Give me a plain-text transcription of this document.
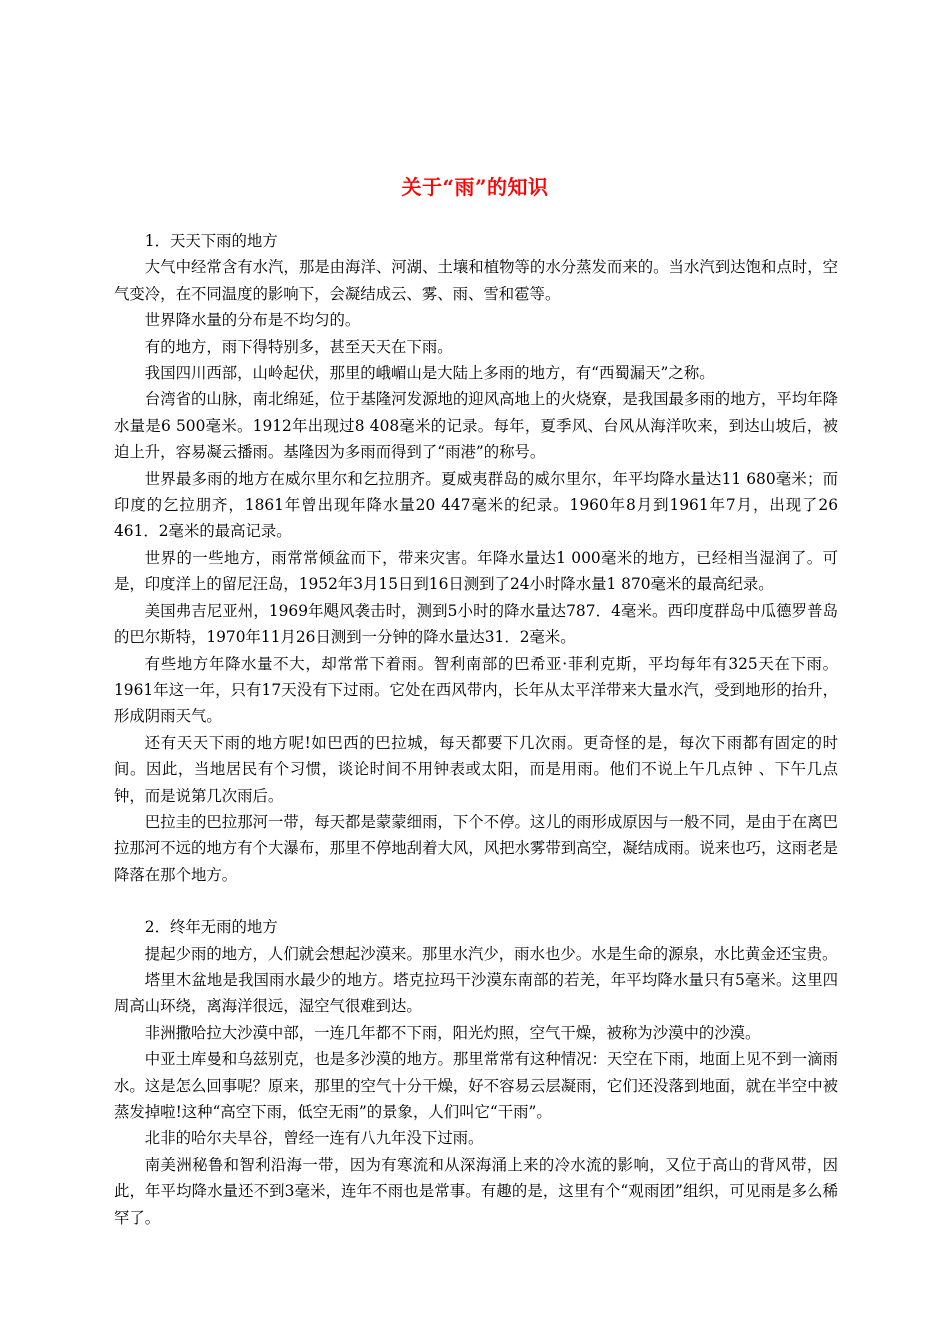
关于“雨”的知识

1．天天下雨的地方

大气中经常含有水汽，那是由海洋、河湖、土壤和植物等的水分蒸发而来的。当水汽到达饱和点时，空气变冷，在不同温度的影响下，会凝结成云、雾、雨、雪和雹等。

世界降水量的分布是不均匀的。

有的地方，雨下得特别多，甚至天天在下雨。

我国四川西部，山岭起伏，那里的峨嵋山是大陆上多雨的地方，有“西蜀漏天”之称。

台湾省的山脉，南北绵延，位于基隆河发源地的迎风高地上的火烧寮，是我国最多雨的地方，平均年降水量是6 500毫米。1912年出现过8 408毫米的记录。每年，夏季风、台风从海洋吹来，到达山坡后，被迫上升，容易凝云播雨。基隆因为多雨而得到了“雨港”的称号。

世界最多雨的地方在威尔里尔和乞拉朋齐。夏威夷群岛的威尔里尔，年平均降水量达11 680毫米；而印度的乞拉朋齐，1861年曾出现年降水量20 447毫米的纪录。1960年8月到1961年7月，出现了26 461．2毫米的最高记录。

世界的一些地方，雨常常倾盆而下，带来灾害。年降水量达1 000毫米的地方，已经相当湿润了。可是，印度洋上的留尼汪岛，1952年3月15日到16日测到了24小时降水量1 870毫米的最高纪录。

美国弗吉尼亚州，1969年飓风袭击时，测到5小时的降水量达787．4毫米。西印度群岛中瓜德罗普岛的巴尔斯特，1970年11月26日测到一分钟的降水量达31．2毫米。

有些地方年降水量不大，却常常下着雨。智利南部的巴希亚·菲利克斯，平均每年有325天在下雨。1961年这一年，只有17天没有下过雨。它处在西风带内，长年从太平洋带来大量水汽，受到地形的抬升，形成阴雨天气。

还有天天下雨的地方呢!如巴西的巴拉城，每天都要下几次雨。更奇怪的是，每次下雨都有固定的时间。因此，当地居民有个习惯，谈论时间不用钟表或太阳，而是用雨。他们不说上午几点钟 、下午几点钟，而是说第几次雨后。

巴拉圭的巴拉那河一带，每天都是蒙蒙细雨，下个不停。这儿的雨形成原因与一般不同，是由于在离巴拉那河不远的地方有个大瀑布，那里不停地刮着大风，风把水雾带到高空，凝结成雨。说来也巧，这雨老是降落在那个地方。

2．终年无雨的地方

提起少雨的地方，人们就会想起沙漠来。那里水汽少，雨水也少。水是生命的源泉，水比黄金还宝贵。

塔里木盆地是我国雨水最少的地方。塔克拉玛干沙漠东南部的若羌，年平均降水量只有5毫米。这里四周高山环绕，离海洋很远，湿空气很难到达。

非洲撒哈拉大沙漠中部，一连几年都不下雨，阳光灼照，空气干燥，被称为沙漠中的沙漠。

中亚土库曼和乌兹别克，也是多沙漠的地方。那里常常有这种情况：天空在下雨，地面上见不到一滴雨水。这是怎么回事呢？原来，那里的空气十分干燥，好不容易云层凝雨，它们还没落到地面，就在半空中被蒸发掉啦!这种“高空下雨，低空无雨”的景象，人们叫它“干雨”。

北非的哈尔夫旱谷，曾经一连有八九年没下过雨。

南美洲秘鲁和智利沿海一带，因为有寒流和从深海涌上来的冷水流的影响，又位于高山的背风带，因此，年平均降水量还不到3毫米，连年不雨也是常事。有趣的是，这里有个“观雨团”组织，可见雨是多么稀罕了。
